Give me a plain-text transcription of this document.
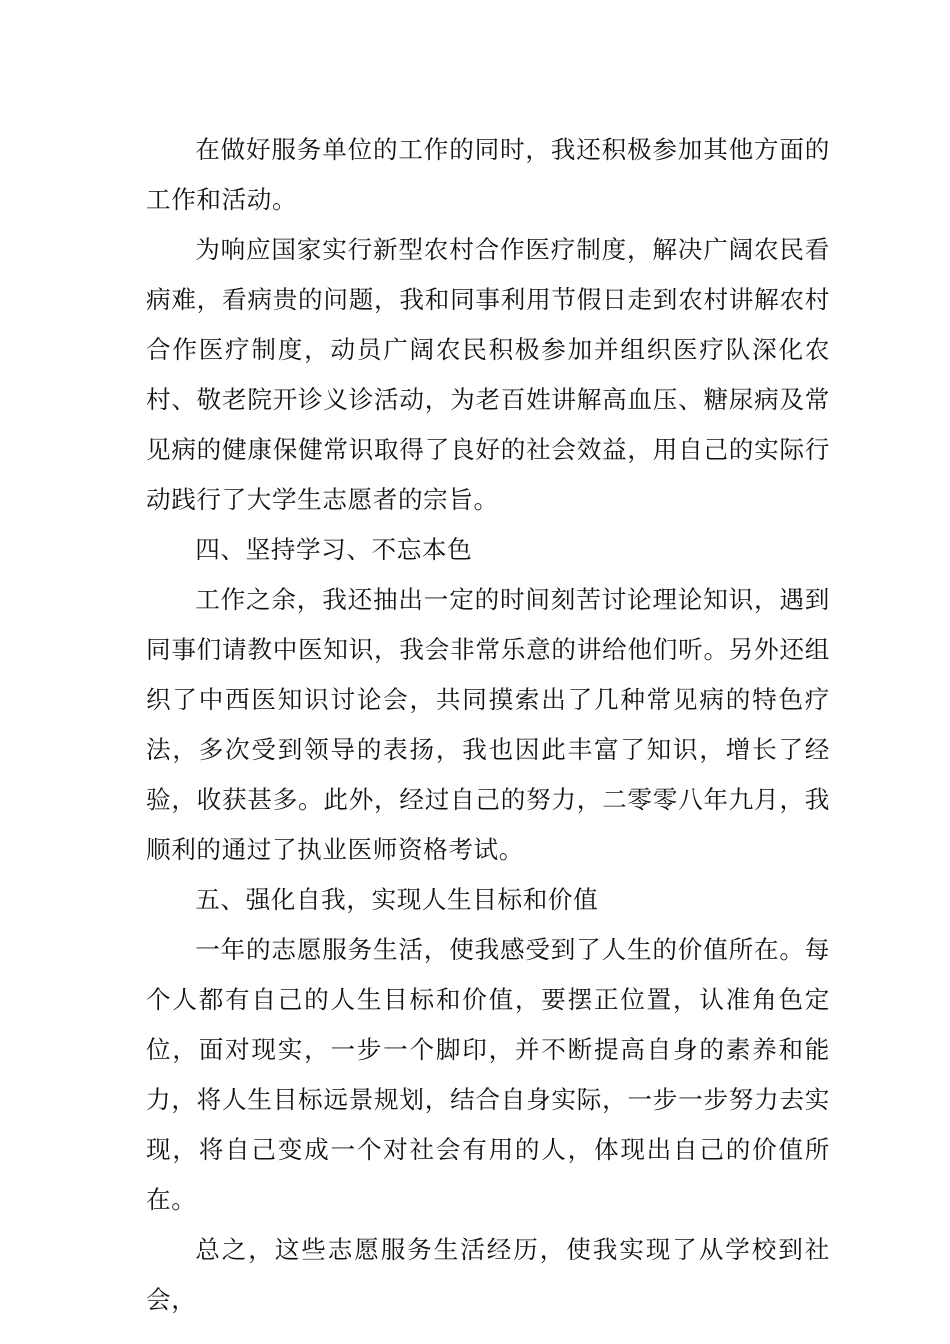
在做好服务单位的工作的同时，我还积极参加其他方面的工作和活动。

为响应国家实行新型农村合作医疗制度，解决广阔农民看病难，看病贵的问题，我和同事利用节假日走到农村讲解农村合作医疗制度，动员广阔农民积极参加并组织医疗队深化农村、敬老院开诊义诊活动，为老百姓讲解高血压、糖尿病及常见病的健康保健常识取得了良好的社会效益，用自己的实际行动践行了大学生志愿者的宗旨。

四、坚持学习、不忘本色

工作之余，我还抽出一定的时间刻苦讨论理论知识，遇到同事们请教中医知识，我会非常乐意的讲给他们听。另外还组织了中西医知识讨论会，共同摸索出了几种常见病的特色疗法，多次受到领导的表扬，我也因此丰富了知识，增长了经验，收获甚多。此外，经过自己的努力，二零零八年九月，我顺利的通过了执业医师资格考试。

五、强化自我，实现人生目标和价值

一年的志愿服务生活，使我感受到了人生的价值所在。每个人都有自己的人生目标和价值，要摆正位置，认准角色定位，面对现实，一步一个脚印，并不断提高自身的素养和能力，将人生目标远景规划，结合自身实际，一步一步努力去实现，将自己变成一个对社会有用的人，体现出自己的价值所在。

总之，这些志愿服务生活经历，使我实现了从学校到社会，
